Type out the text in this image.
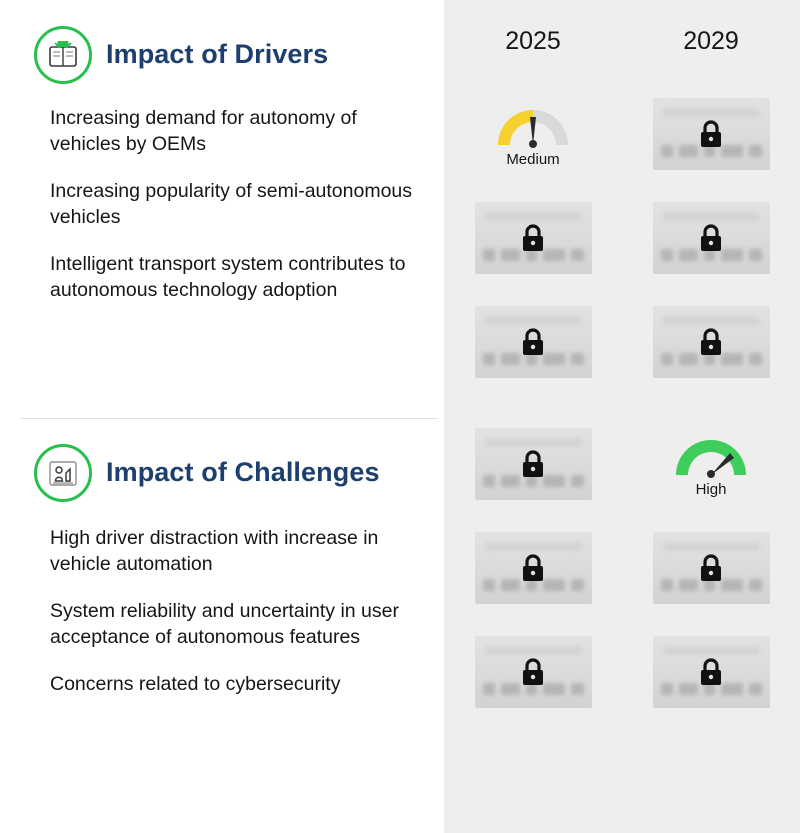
Impact of Drivers
Increasing demand for autonomy of vehicles by OEMs
Increasing popularity of semi-autonomous vehicles
Intelligent transport system contributes to autonomous technology adoption
Impact of Challenges
High driver distraction with increase in vehicle automation
System reliability and uncertainty in user acceptance of autonomous features
Concerns related to cybersecurity
2025	2029
Medium
High
